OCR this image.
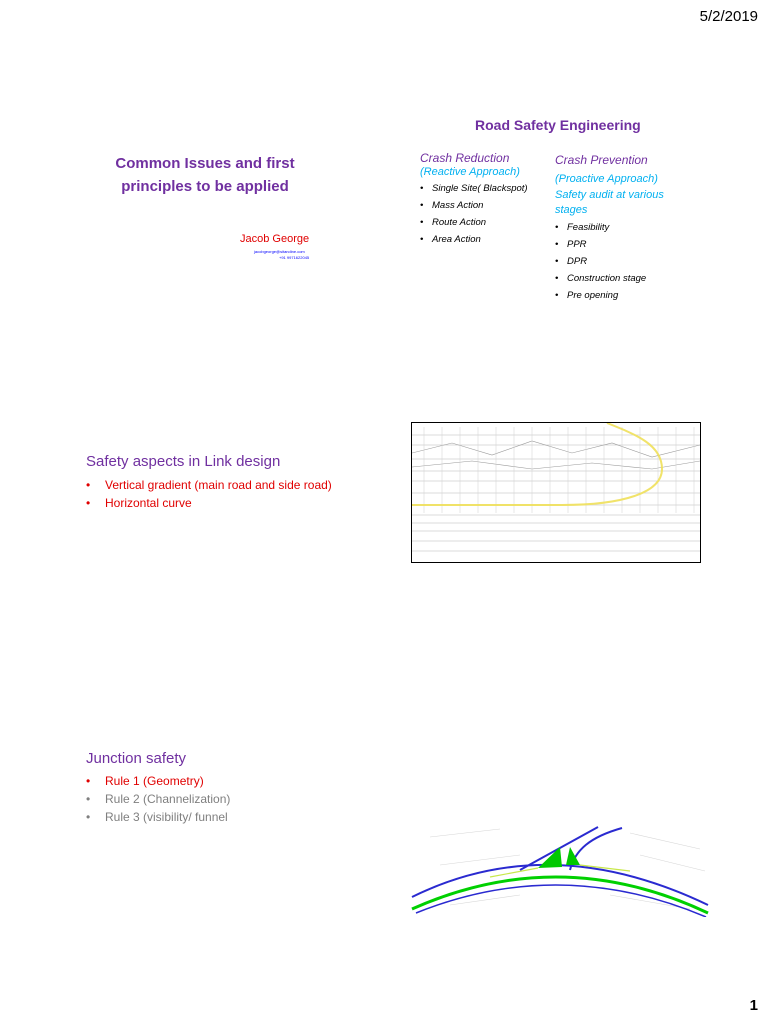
5/2/2019
1
Common Issues and first
principles to be applied
Jacob George
jacobgeorge@sitandine.com
+91 9971622045
Road Safety Engineering
Crash Reduction
(Reactive Approach)
• Single Site( Blackspot)
• Mass Action
• Route Action
• Area Action
Crash Prevention
(Proactive Approach)
Safety audit at various stages
• Feasibility
• PPR
• DPR
• Construction stage
• Pre opening
Safety aspects in Link design
• Vertical gradient (main road and side road)
• Horizontal curve
Junction safety
• Rule 1 (Geometry)
• Rule 2 (Channelization)
• Rule 3 (visibility/ funnel
